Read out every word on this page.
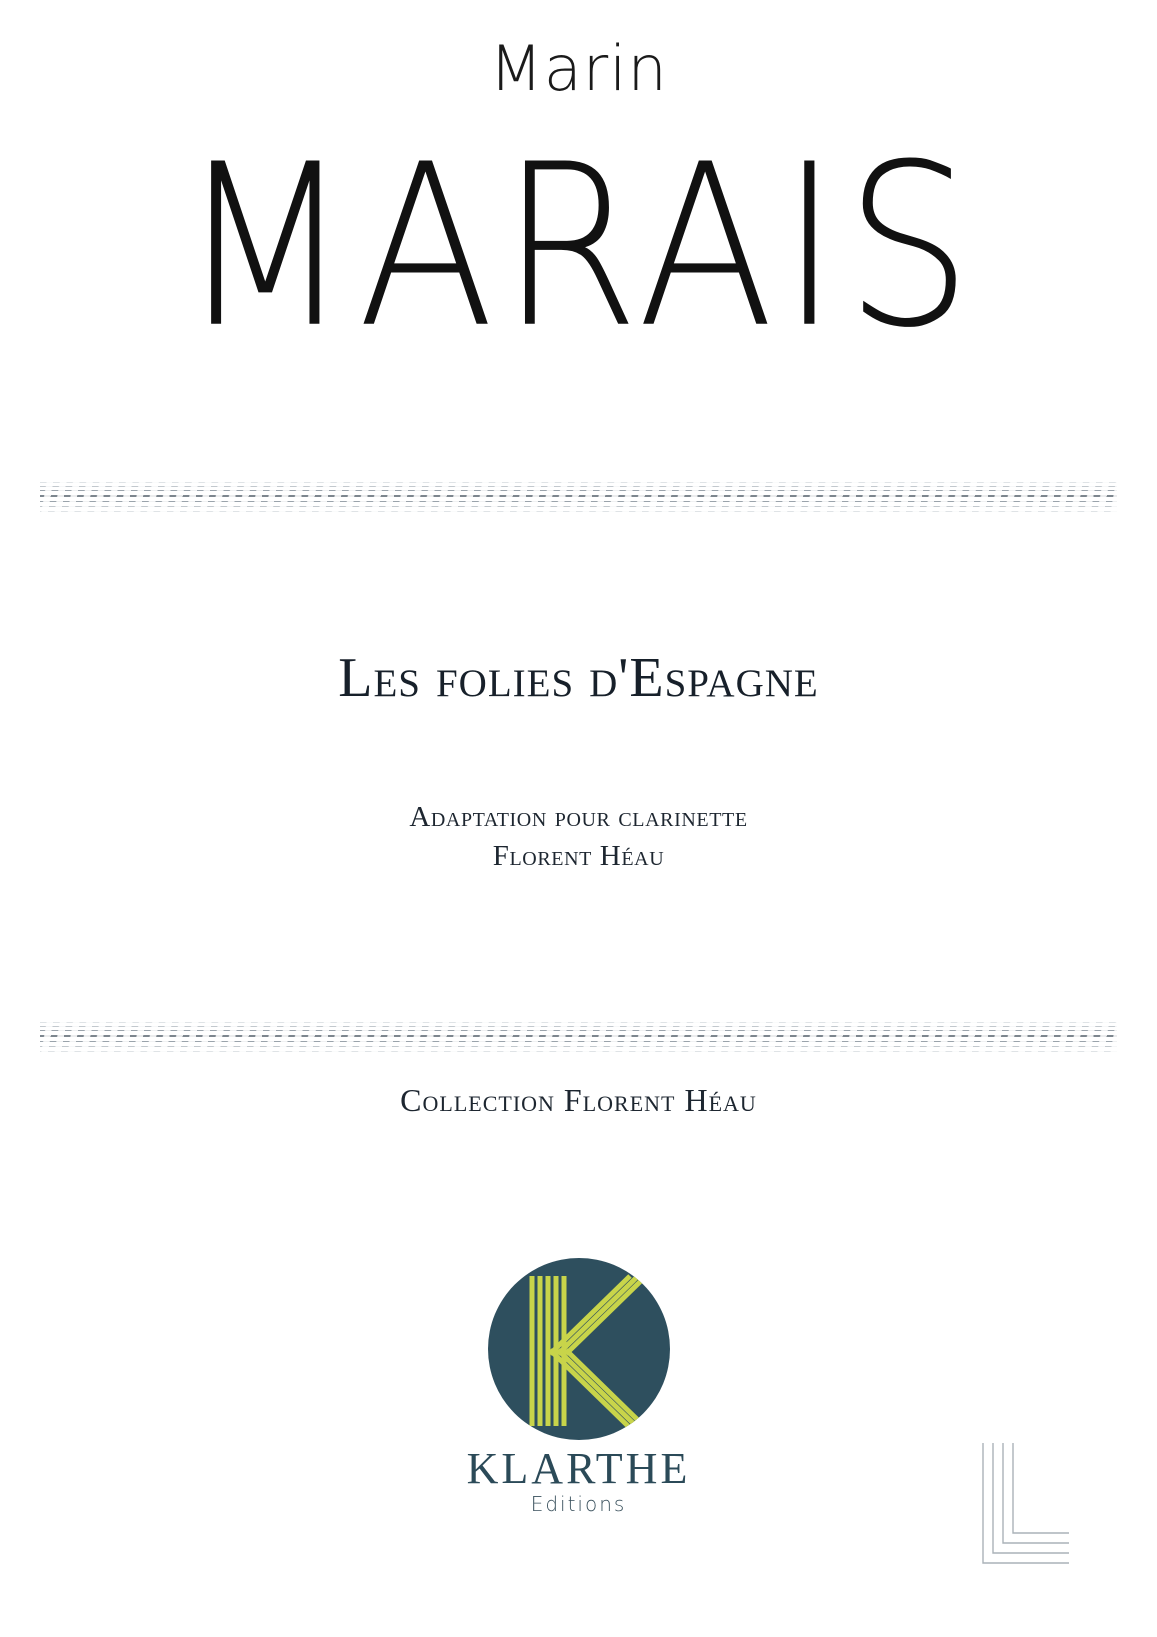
Marin
MARAIS
Les folies d'Espagne
Adaptation pour clarinette
Florent Héau
Collection Florent Héau
KLARTHE
Editions
